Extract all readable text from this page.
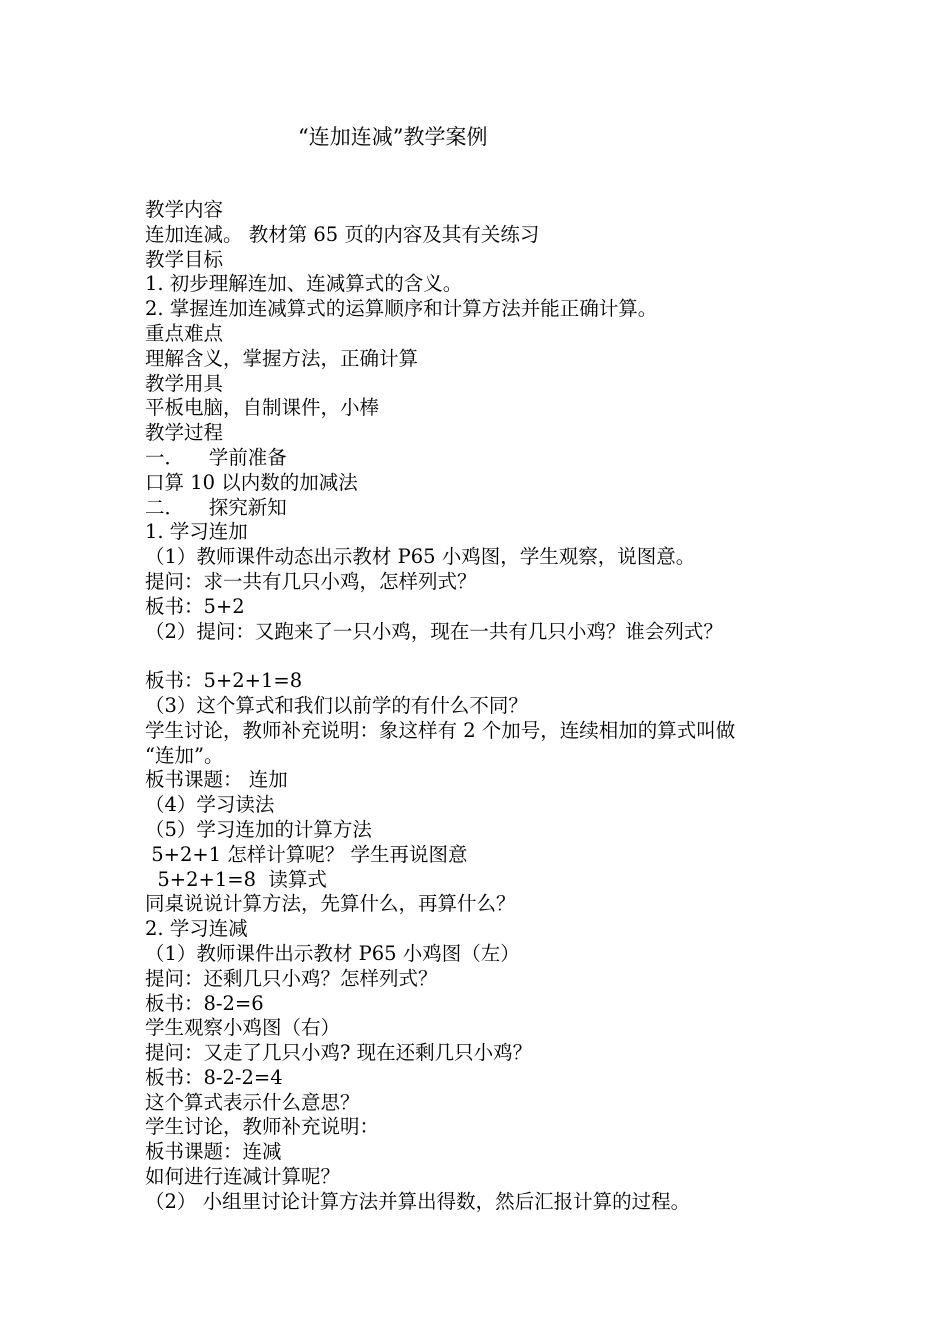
“连加连减”教学案例
教学内容
连加连减。 教材第 65 页的内容及其有关练习
教学目标
1. 初步理解连加、连减算式的含义。
2. 掌握连加连减算式的运算顺序和计算方法并能正确计算。
重点难点
理解含义，掌握方法，正确计算
教学用具
平板电脑，自制课件，小棒
教学过程
一．    学前准备
口算 10 以内数的加减法
二．    探究新知
1. 学习连加
（1）教师课件动态出示教材 P65 小鸡图，学生观察，说图意。
提问：求一共有几只小鸡，怎样列式？
板书：5+2
（2）提问：又跑来了一只小鸡，现在一共有几只小鸡？谁会列式？
板书：5+2+1=8
（3）这个算式和我们以前学的有什么不同？
学生讨论，教师补充说明：象这样有 2 个加号，连续相加的算式叫做
“连加”。
板书课题： 连加
（4）学习读法
（5）学习连加的计算方法
5+2+1 怎样计算呢？ 学生再说图意
5+2+1=8  读算式
同桌说说计算方法，先算什么，再算什么？
2. 学习连减
（1）教师课件出示教材 P65 小鸡图（左）
提问：还剩几只小鸡？怎样列式？
板书：8-2=6
学生观察小鸡图（右）
提问：又走了几只小鸡? 现在还剩几只小鸡？
板书：8-2-2=4
这个算式表示什么意思？
学生讨论，教师补充说明：
板书课题：连减
如何进行连减计算呢？
（2） 小组里讨论计算方法并算出得数，然后汇报计算的过程。
